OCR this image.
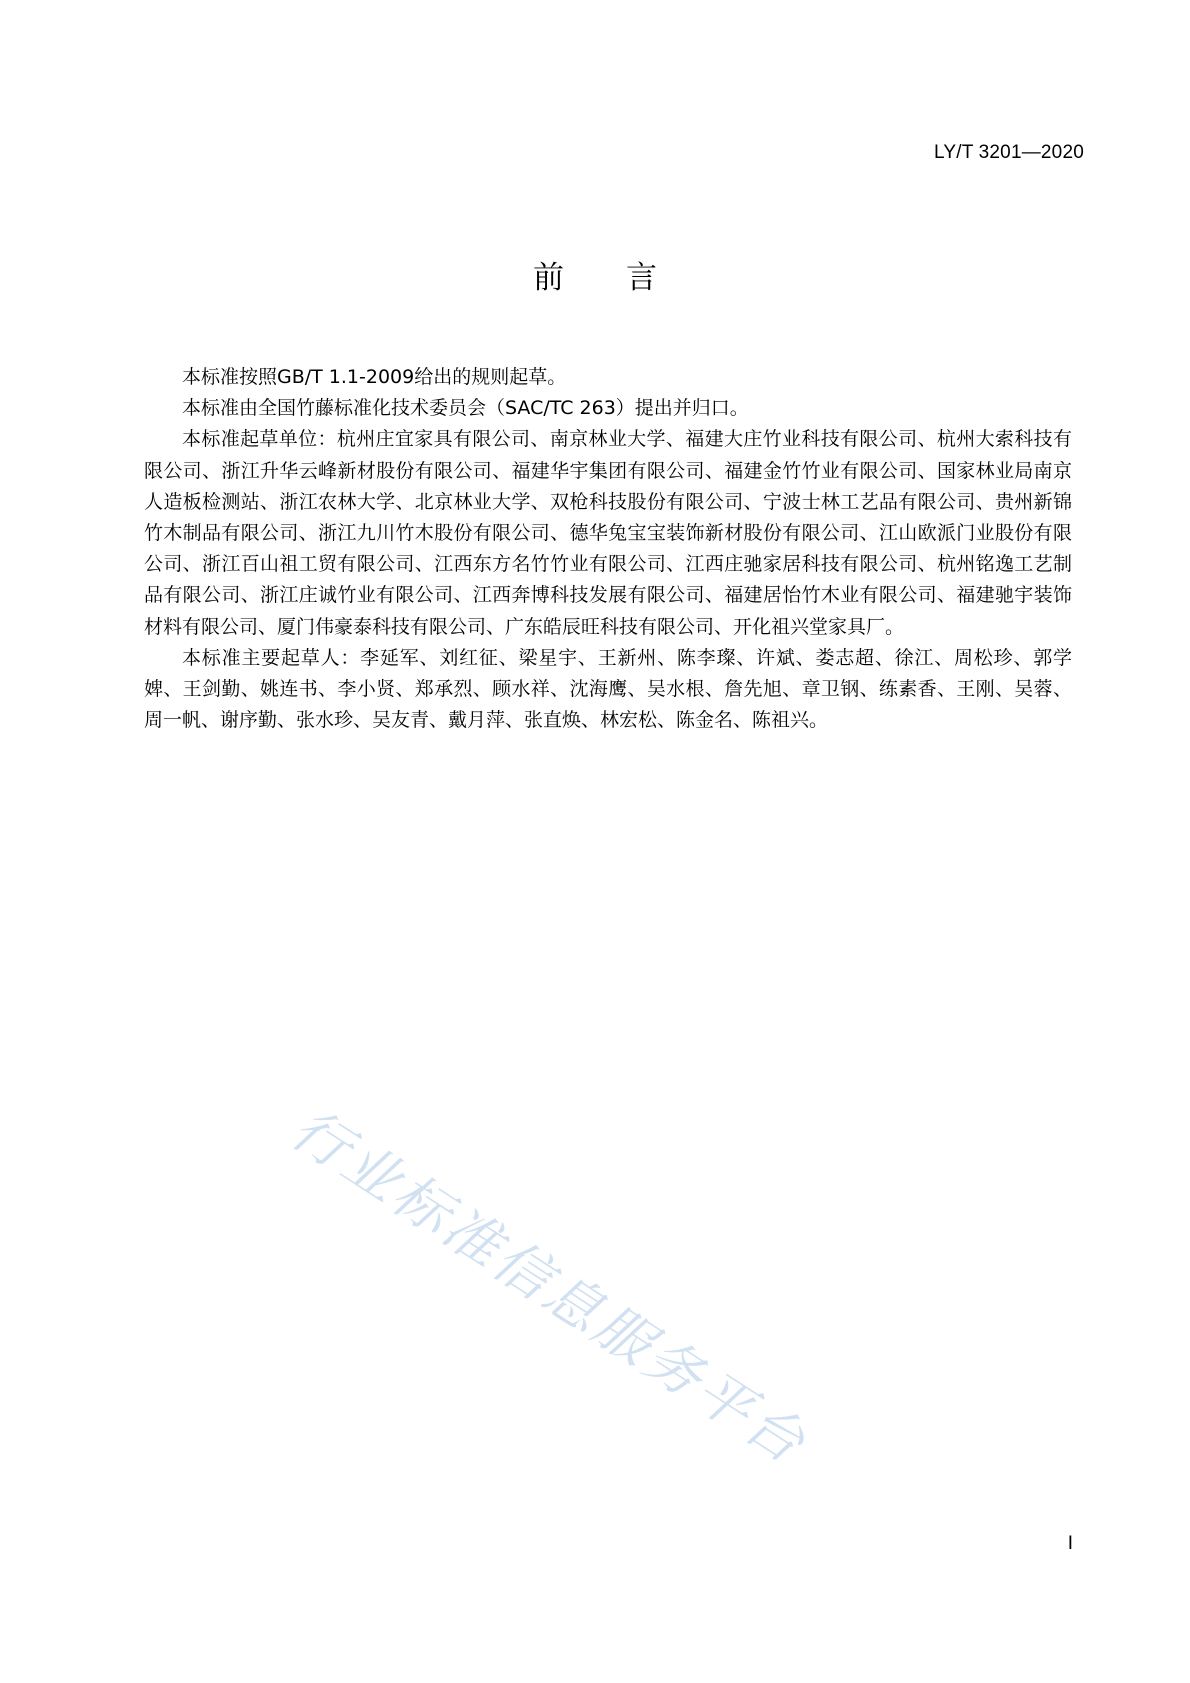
LY/T 3201—2020
前言

本标准按照GB/T 1.1-2009给出的规则起草。

本标准由全国竹藤标准化技术委员会（SAC/TC 263）提出并归口。

本标准起草单位：杭州庄宜家具有限公司、南京林业大学、福建大庄竹业科技有限公司、杭州大索科技有限公司、浙江升华云峰新材股份有限公司、福建华宇集团有限公司、福建金竹竹业有限公司、国家林业局南京人造板检测站、浙江农林大学、北京林业大学、双枪科技股份有限公司、宁波士林工艺品有限公司、贵州新锦竹木制品有限公司、浙江九川竹木股份有限公司、德华兔宝宝装饰新材股份有限公司、江山欧派门业股份有限公司、浙江百山祖工贸有限公司、江西东方名竹竹业有限公司、江西庄驰家居科技有限公司、杭州铭逸工艺制品有限公司、浙江庄诚竹业有限公司、江西奔博科技发展有限公司、福建居怡竹木业有限公司、福建驰宇装饰材料有限公司、厦门伟豪泰科技有限公司、广东皓辰旺科技有限公司、开化祖兴堂家具厂。

本标准主要起草人：李延军、刘红征、梁星宇、王新州、陈李璨、许斌、娄志超、徐江、周松珍、郭学婢、王剑勤、姚连书、李小贤、郑承烈、顾水祥、沈海鹰、吴水根、詹先旭、章卫钢、练素香、王刚、吴蓉、周一帆、谢序勤、张水珍、吴友青、戴月萍、张直焕、林宏松、陈金名、陈祖兴。

行业标准信息服务平台
I
